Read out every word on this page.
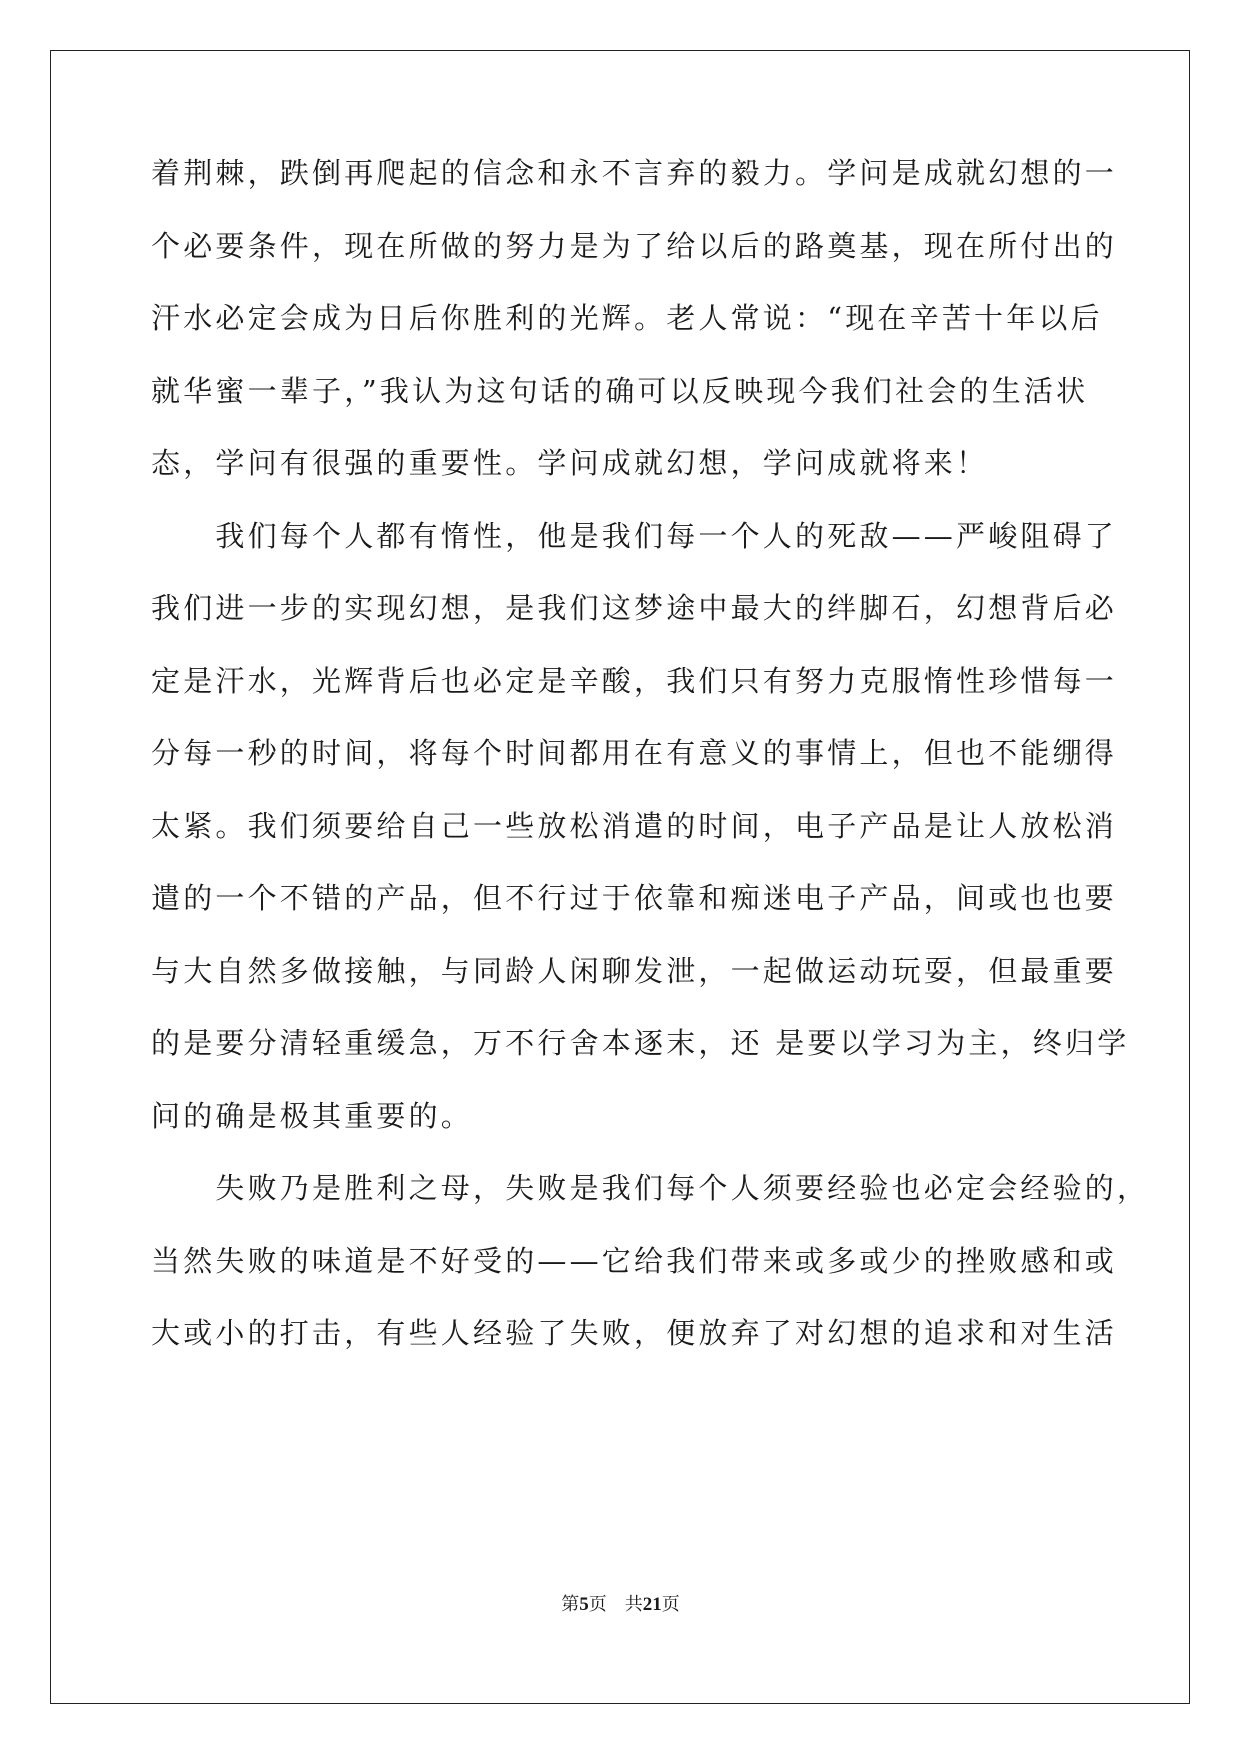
着荆棘，跌倒再爬起的信念和永不言弃的毅力。学问是成就幻想的一
个必要条件，现在所做的努力是为了给以后的路奠基，现在所付出的
汗水必定会成为日后你胜利的光辉。老人常说：“现在辛苦十年以后
就华蜜一辈子，”我认为这句话的确可以反映现今我们社会的生活状
态，学问有很强的重要性。学问成就幻想，学问成就将来！
　　我们每个人都有惰性，他是我们每一个人的死敌——严峻阻碍了
我们进一步的实现幻想，是我们这梦途中最大的绊脚石，幻想背后必
定是汗水，光辉背后也必定是辛酸，我们只有努力克服惰性珍惜每一
分每一秒的时间，将每个时间都用在有意义的事情上，但也不能绷得
太紧。我们须要给自己一些放松消遣的时间，电子产品是让人放松消
遣的一个不错的产品，但不行过于依靠和痴迷电子产品，间或也也要
与大自然多做接触，与同龄人闲聊发泄，一起做运动玩耍，但最重要
的是要分清轻重缓急，万不行舍本逐末，还 是要以学习为主，终归学
问的确是极其重要的。
　　失败乃是胜利之母，失败是我们每个人须要经验也必定会经验的，
当然失败的味道是不好受的——它给我们带来或多或少的挫败感和或
大或小的打击，有些人经验了失败，便放弃了对幻想的追求和对生活
第5页 共21页
